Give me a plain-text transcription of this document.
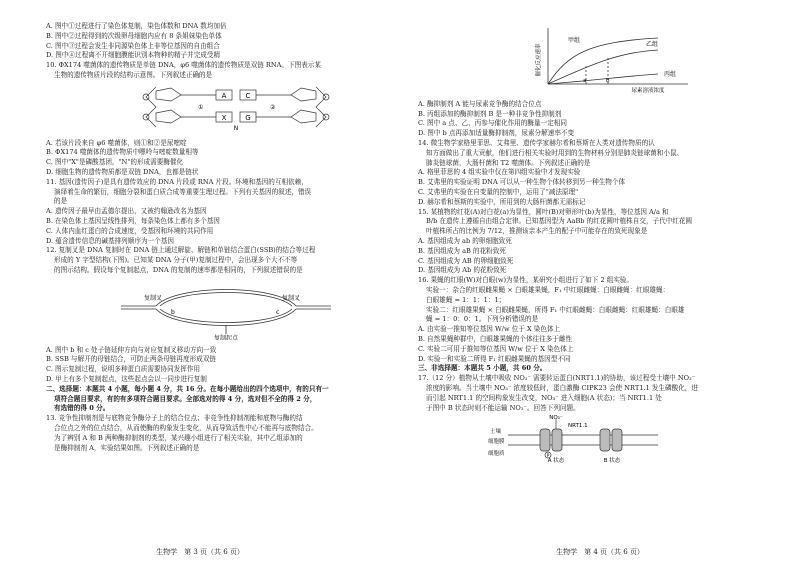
A. 图中①过程进行了染色体复制，染色体数和 DNA 数均加倍
B. 图中②过程得到的次级卵母细胞内应有 8 条姐妹染色单体
C. 图中③过程会发生非同源染色体上非等位基因的自由组合
D. 图中④过程离不开细胞膜能识别本物种的精子并完成受精
10. ΦX174 噬菌体的遗传物质是单链 DNA，φ6 噬菌体的遗传物质是双链 RNA。下图表示某
生物的遗传物质片段的结构示意图。下列叙述正确的是
A	C
X	G
①	②
N
A. 若该片段来自 φ6 噬菌体，则①和②是尿嘧啶
B. ΦX174 噬菌体的遗传物质中嘌呤与嘧啶数量相等
C. 图中"X"是磷酸基团，"N"的形成需要酶催化
D. 细胞生物的遗传物质都是双链 DNA，也都是链状
11. 基因(遗传因子)是具有遗传效应的 DNA 片段或 RNA 片段。环境和基因的互相依赖，
演绎着生命的繁衍，细胞分裂和蛋白质合成等重要生理过程。下列有关基因的叙述，错误
的是
A. 遗传因子最早由孟德尔提出，又被约翰逊改名为基因
B. 在染色体上基因呈线性排列，每条染色体上都有多个基因
C. 人体内血红蛋白的合成速度，受基因和环境的共同作用
D. 蕴含遗传信息的碱基排列顺序为一个基因
12. 复制叉是 DNA 复制时在 DNA 链上通过解旋、解链和单链结合蛋白(SSB)的结合等过程
形成的 Y 字型结构(下图)。已知某 DNA 分子(甲)复制过程中，会出现多个大不不等
的图示结构。假设每个复制起点，DNA 的复制的速率都是相同的，下列叙述错误的是
复制叉	复制叉
复制起点
b	c
A. 图中 b 和 c 处子链延伸方向与对应复制叉移动方向一致
B. SSB 与解开的母链结合，可防止两条母链再度形成双链
C. 图示复制过程，说明多种蛋白质需要协同发挥作用
D. 甲上有多个复制起点，这些起点会以一同步进行复制
二、选择题：本题共 4 小题，每小题 4 分，共 16 分。在每小题给出的四个选项中，有的只有一
项符合题目要求，有的有多项符合题目要求。全部选对的得 4 分，选对但不全的得 2 分，
有选错的得 0 分。
13. 竞争性抑制剂是与底物竞争酶分子上的结合位点；非竞争性抑制剂能和底物与酶的结
合位点之外的位点结合，从而使酶的构象发生变化，从而导致活性中心不能再与底物结合。
为了辨别 A 和 B 两种酶抑制剂的类型，某兴趣小组进行了相关实验，其中乙组添加的
是酶抑制剂 A，实验结果如图。下列叙述正确的是
生物学　第 3 页（共 6 页）
催化反应速率
尿素溶液浓度
甲组
乙组
丙组
a	b
A. 酶抑制剂 A 能与尿素竞争酶的结合位点
B. 丙组添加的酶抑制剂 B 是一种非竞争性抑制剂
C. 图中 a 点、乙、丙参与催化作用的酶量一定相同
D. 图中 b 点再添加适量酶抑制剂，尿素分解速率不变
14. 微生物学家格里菲思、艾弗里、遗传学家赫尔希和蔡斯在人类对遗传物质的认
知方面做出了重大贡献，他们进行相关实验时用到的生物材料分别是肺炎链球菌和小鼠、
肺炎链球菌，大肠杆菌和 T2 噬菌体。下列叙述正确的是
A. 格里菲思的 4 组实验中仅在第四组实验中才发现实验
B. 艾弗里的实验证明 DNA 可以从一种生物个体转移到另一种生物个体
C. 艾弗里的实验在自变量的控制中，运用了"减法原理"
D. 赫尔希和蔡斯的实验中，所用到的大肠杆菌都无需标记
15. 某植物的红花(A)对白花(a)为显性，圆叶(B)对卵形叶(b)为显性，等位基因 A/a 和
B/b 在遗传上遵循自由组合定律。已知基因型为 AaBb 的红花圆叶植株自交，子代中红花圆
叶植株所占的比例为 7/12，推测该亲本产生的配子中可能存在的致死现象是
A. 基因组成为 ab 的卵细胞致死
B. 基因组成为 aB 的花粉致死
C. 基因组成为 AB 的卵细胞致死
D. 基因组成为 Ab 的花粉致死
16. 果蝇的红眼(W)对白眼(w)为显性，某研究小组进行了如下 2 组实验。
实验一：杂合的红眼雌果蝇 × 白眼雄果蝇，F₁ 中红眼雌蝇：白眼雌蝇：红眼雄蝇：
白眼雄蝇 = 1：1：1：1；
实验二：红眼雄果蝇 × 白眼雌果蝇，所得 F₁ 中红眼雌蝇：白眼雌蝇：红眼雄蝇：白眼雄
蝇 = 1：0：0：1。下列分析错误的是
A. 由实验一推知等位基因 W/w 位于 X 染色体上
B. 自然果蝇种群中，白眼雄果蝇的个体往往多于雌性
C. 实验二可用于推知等位基因 W/w 位于 X 染色体上
D. 实验一和实验二所得 F₁ 红眼雌果蝇的基因型不同
三、非选择题：本题共 5 小题，共 60 分。
17.（12 分）植物从土壤中吸收 NO₃⁻ 需要转运蛋白(NRT1.1)的协助，该过程受土壤中 NO₃⁻
浓度的影响。当土壤中 NO₃⁻ 浓度较低时，蛋白激酶 CIPK23 会使 NRT1.1 发生磷酸化，进
而引起 NRT1.1 的空间构象发生改变，NO₃⁻ 进入细胞(A 状态)；当 NRT1.1 处
于图中 B 状态时则不能运输 NO₃⁻。回答下列问题。
NO₃⁻
NRT1.1
土壤
细胞膜
细胞质	P
A 状态	B 状态
生物学　第 4 页（共 6 页）
